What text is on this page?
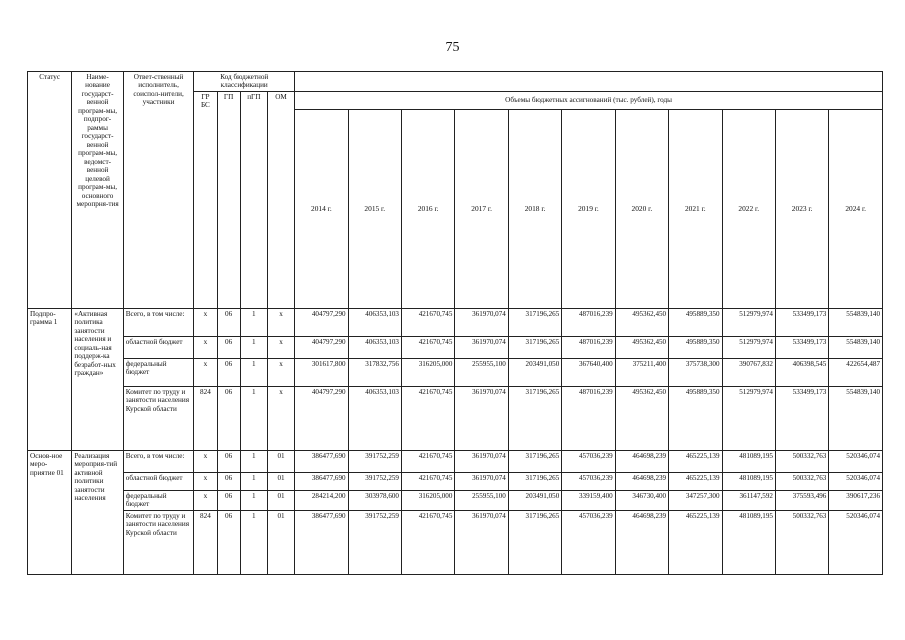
75
Статус	Наиме-нование государст-венной програм-мы, подпрог-раммы государст-венной програм-мы, ведомст-венной целевой програм-мы, основного меропрня-тия	Ответ-ственный исполнитель, соиспол-нители, участники	Код бюджетной классификации														
			ГР БС	ГП	пГП	ОМ	Объемы бюджетных ассигнований (тыс. рублей), годы										
							2014 г.	2015 г.	2016 г.	2017 г.	2018 г.	2019 г.	2020 г.	2021 г.	2022 г.	2023 г.	2024 г.
Подпро-грамма 1	«Активная политика занятости населения и социаль-ная поддерж-ка безработ-ных граждан»	Всего, в том числе:	x	06	1	x	404797,290	406353,103	421670,745	361970,074	317196,265	487016,239	495362,450	495889,350	512979,974	533499,173	554839,140
		областной бюджет	x	06	1	x	404797,290	406353,103	421670,745	361970,074	317196,265	487016,239	495362,450	495889,350	512979,974	533499,173	554839,140
		федеральный бюджет	x	06	1	x	301617,800	317832,756	316205,000	255955,100	203491,050	367640,400	375211,400	375738,300	390767,832	406398,545	422654,487
		Комитет по труду и занятости населения Курской области	824	06	1	x	404797,290	406353,103	421670,745	361970,074	317196,265	487016,239	495362,450	495889,350	512979,974	533499,173	554839,140
Основ-ное меро-приятие 01	Реализация мероприя-тий активной политики занятости населения	Всего, в том числе:	x	06	1	01	386477,690	391752,259	421670,745	361970,074	317196,265	457036,239	464698,239	465225,139	481089,195	500332,763	520346,074
		областной бюджет	x	06	1	01	386477,690	391752,259	421670,745	361970,074	317196,265	457036,239	464698,239	465225,139	481089,195	500332,763	520346,074
		федеральный бюджет	x	06	1	01	284214,200	303978,600	316205,000	255955,100	203491,050	339159,400	346730,400	347257,300	361147,592	375593,496	390617,236
		Комитет по труду и занятости населения Курской области	824	06	1	01	386477,690	391752,259	421670,745	361970,074	317196,265	457036,239	464698,239	465225,139	481089,195	500332,763	520346,074
